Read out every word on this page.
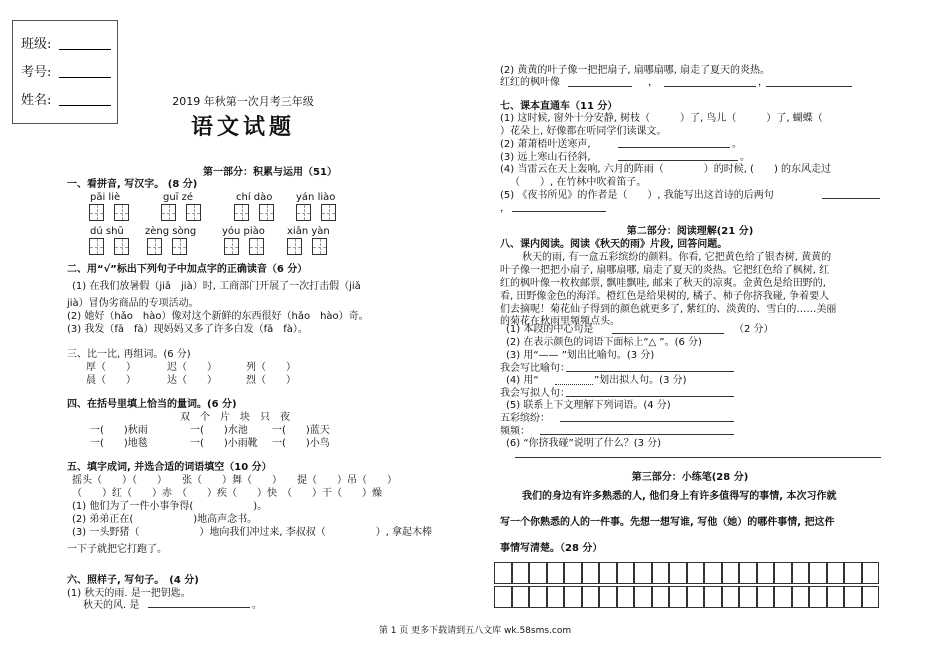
班级:
考号:
姓名:	2019 年秋第一次月考三年级
语文试题
第一部分：积累与运用（51）
一、看拼音, 写汉字。 (8 分)
pāi liè	guī zé	chí dào yán liào
dú shū zèng sòng	yóu piào xiān yàn
二、用“√”标出下列句子中加点字的正确读音（6 分）
(1) 在我们放暑假（jiǎ　jià）时, 工商部门开展了一次打击假（jiǎ
jià）冒伪劣商品的专项活动。
(2) 她好（hǎo　hào）像对这个新鲜的东西很好（hǎo　hào）奇。
(3) 我发（fā　fà）现妈妈又多了许多白发（fā　fà）。
三、比一比, 再组词。(6 分)
厚（　　）	迟（　　）	列（　　）
晨（　　）	达（　　）	烈（　　）
四、在括号里填上恰当的量词。(6 分)
双　个　片　块　只　夜
一(　　)秋雨	一(　　)水池 一(　　)蓝天
一(　　)地毯	一(　　)小雨靴 一(　　)小鸟
五、填字成词, 并选合适的词语填空（10 分）
摇头（　　）（　　）　　张（　　）舞（　　）　　提（　　）吊（　　）
（　　）红（　　）赤　（　　）疾（　　）快　（　　）干（　　）燥
(1) 他们为了一件小事争得(　　　　　　)。
(2) 弟弟正在(　　　　　　)地高声念书。
(3) 一头野猪（　　　　　　）地向我们冲过来, 李叔叔（　　　　　）, 拿起木棒
一下子就把它打跑了。
六、照样子, 写句子。　(4 分)
(1) 秋天的雨. 是一把钥匙。
秋天的风. 是	。
(2) 黄黄的叶子像一把把扇子, 扇哪扇哪, 扇走了夏天的炎热。
红红的枫叶像	，	，
七、课本直通车（11 分）
(1) 这时候, 窗外十分安静, 树枝（　　　）了, 鸟儿（　　　）了, 蝴蝶（
）花朵上, 好像都在听同学们读课文。
(2) 萧萧梧叶送寒声,	。
(3) 远上寒山石径斜,	。
(4) 当雷云在天上轰响, 六月的阵雨（　　　　）的时候, (　　) 的东风走过
（　　）, 在竹林中吹着笛子。
(5) 《夜书所见》的作者是（　　）, 我能写出这首诗的后两句
，
第二部分：阅读理解(21 分)
八、课内阅读。阅读《秋天的雨》片段, 回答问题。
秋天的雨, 有一盒五彩缤纷的颜料。你看, 它把黄色给了银杏树, 黄黄的
叶子像一把把小扇子, 扇哪扇哪, 扇走了夏天的炎热。它把红色给了枫树, 红
红的枫叶像一枚枚邮票, 飘哇飘哇, 邮来了秋天的凉爽。金黄色是给田野的,
看, 田野像金色的海洋。橙红色是给果树的, 橘子、柿子你挤我碰, 争着要人
们去摘呢！菊花仙子得到的颜色就更多了, 紫红的、淡黄的、雪白的……美丽
的菊花在秋雨里频频点头。
(1) 本段的中心句是	（2 分）
(2) 在表示颜色的词语下面标上“△ ”。(6 分)
(3) 用“—— ”划出比喻句。(3 分)
我会写比喻句：
(4) 用“	”划出拟人句。(3 分)
我会写拟人句：
(5) 联系上下文理解下列词语。(4 分)
五彩缤纷：
频频：
(6) “你挤我碰”说明了什么？(3 分)
第三部分：小练笔(28 分)
我们的身边有许多熟悉的人, 他们身上有许多值得写的事情, 本次习作就
写一个你熟悉的人的一件事。先想一想写谁, 写他（她）的哪件事情, 把这件
事情写清楚。（28 分）
第 1 页 更多下载请到五八文库 wk.58sms.com
